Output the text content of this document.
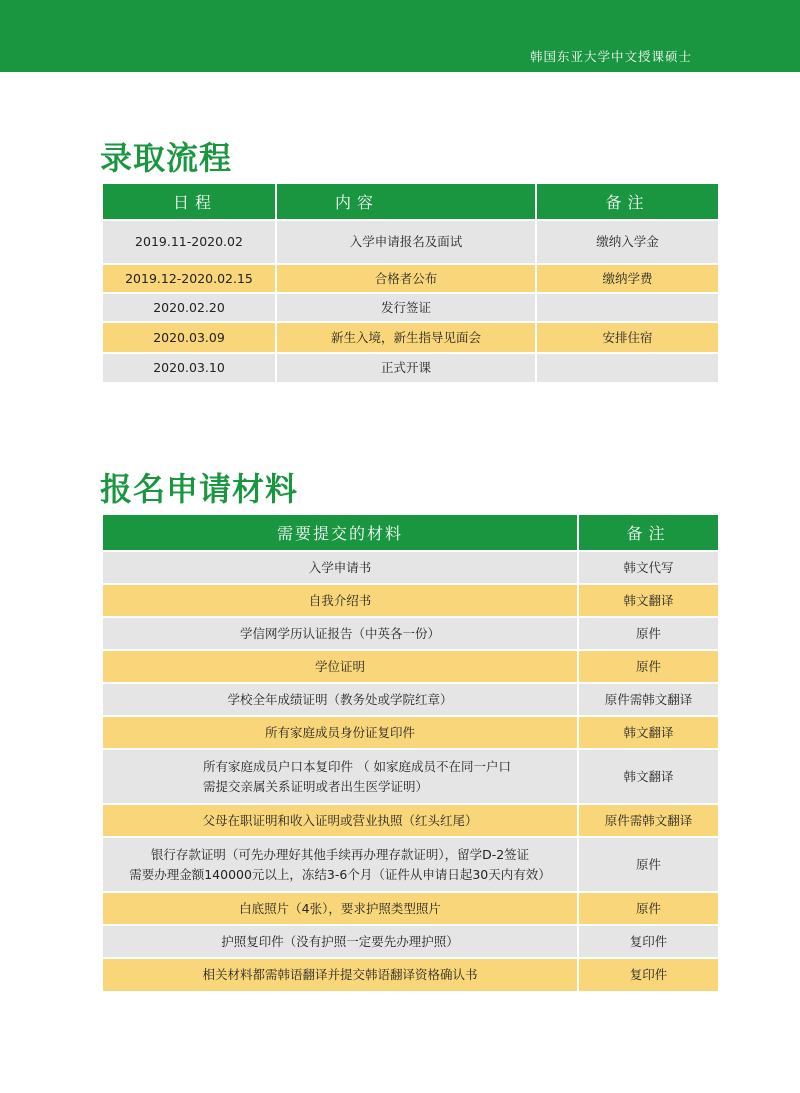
韩国东亚大学中文授课硕士
录取流程
日程	内容	备注
2019.11-2020.02	入学申请报名及面试	缴纳入学金
2019.12-2020.02.15	合格者公布	缴纳学费
2020.02.20	发行签证	
2020.03.09	新生入境，新生指导见面会	安排住宿
2020.03.10	正式开课	
报名申请材料
需要提交的材料	备注
入学申请书	韩文代写
自我介绍书	韩文翻译
学信网学历认证报告（中英各一份）	原件
学位证明	原件
学校全年成绩证明（教务处或学院红章）	原件需韩文翻译
所有家庭成员身份证复印件	韩文翻译

所有家庭成员户口本复印件 （ 如家庭成员不在同一户口
需提交亲属关系证明或者出生医学证明）	韩文翻译
父母在职证明和收入证明或营业执照（红头红尾）	原件需韩文翻译

银行存款证明（可先办理好其他手续再办理存款证明），留学D-2签证
需要办理金额140000元以上，冻结3-6个月（证件从申请日起30天内有效）	原件
白底照片（4张），要求护照类型照片	原件
护照复印件（没有护照一定要先办理护照）	复印件
相关材料都需韩语翻译并提交韩语翻译资格确认书	复印件
